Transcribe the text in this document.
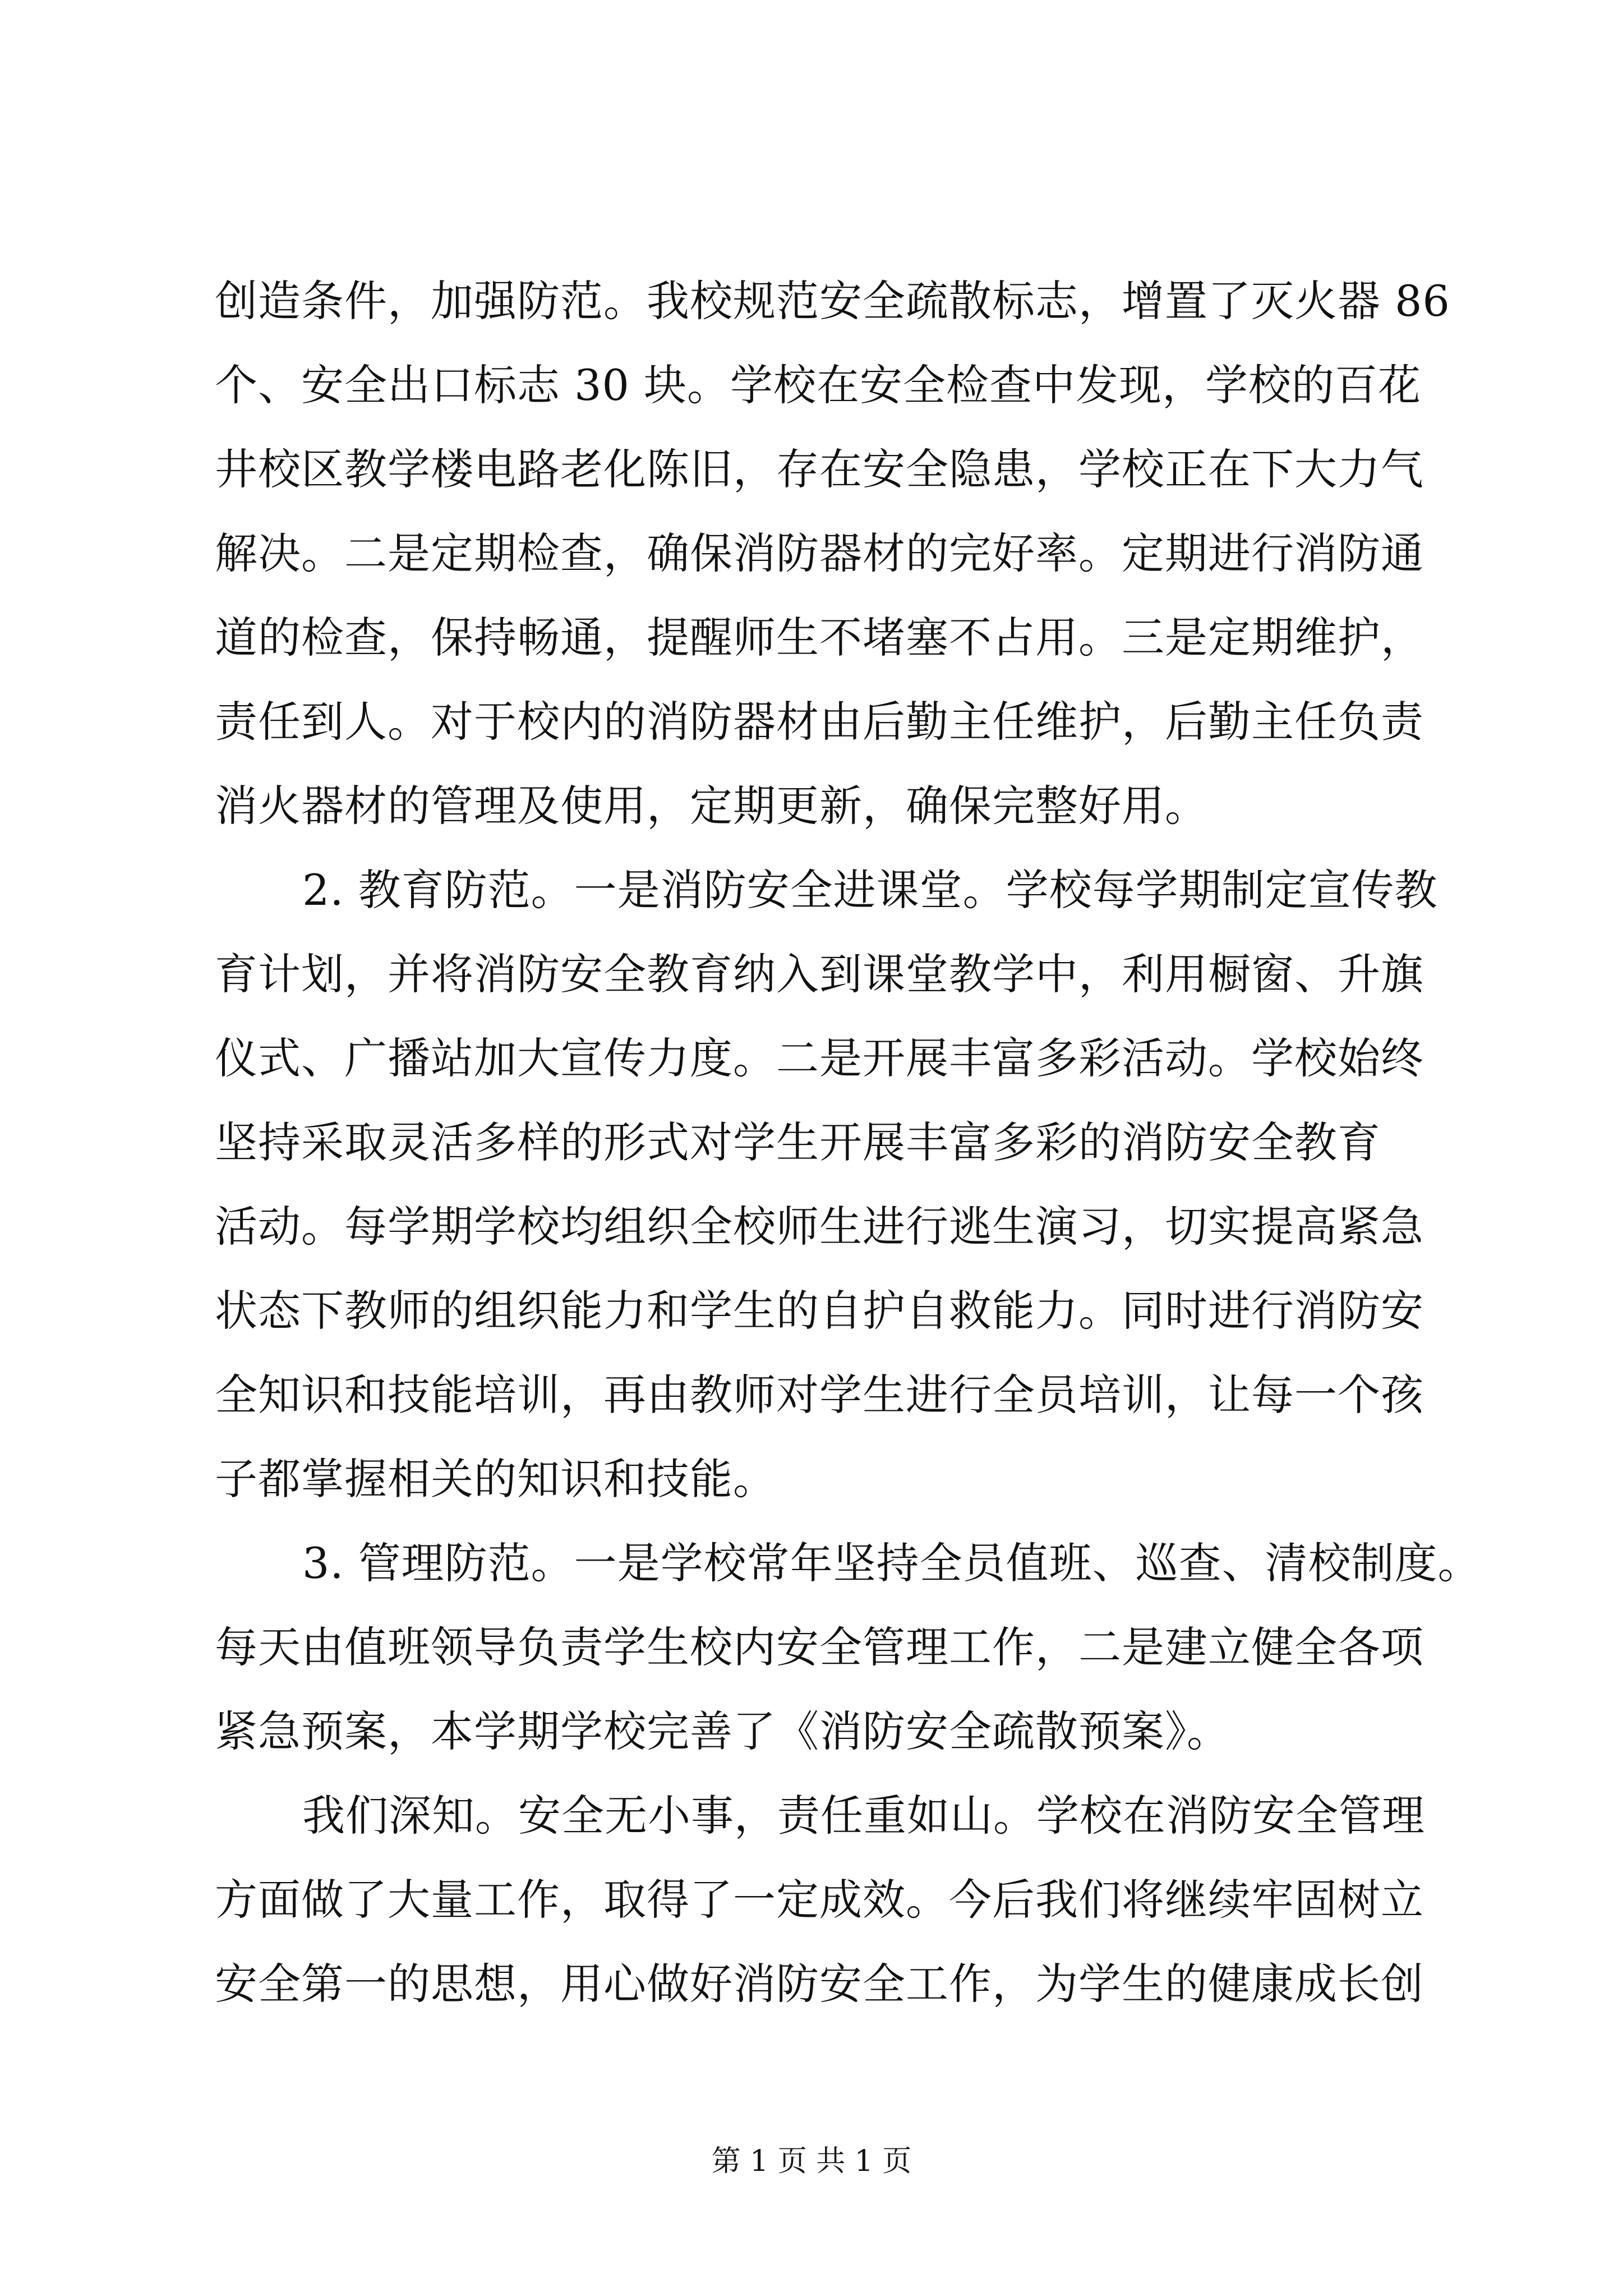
创造条件，加强防范。我校规范安全疏散标志，增置了灭火器 86
个、安全出口标志 30 块。学校在安全检查中发现，学校的百花
井校区教学楼电路老化陈旧，存在安全隐患，学校正在下大力气
解决。二是定期检查，确保消防器材的完好率。定期进行消防通
道的检查，保持畅通，提醒师生不堵塞不占用。三是定期维护，
责任到人。对于校内的消防器材由后勤主任维护，后勤主任负责
消火器材的管理及使用，定期更新，确保完整好用。
2. 教育防范。一是消防安全进课堂。学校每学期制定宣传教
育计划，并将消防安全教育纳入到课堂教学中，利用橱窗、升旗
仪式、广播站加大宣传力度。二是开展丰富多彩活动。学校始终
坚持采取灵活多样的形式对学生开展丰富多彩的消防安全教育
活动。每学期学校均组织全校师生进行逃生演习，切实提高紧急
状态下教师的组织能力和学生的自护自救能力。同时进行消防安
全知识和技能培训，再由教师对学生进行全员培训，让每一个孩
子都掌握相关的知识和技能。
3. 管理防范。一是学校常年坚持全员值班、巡查、清校制度。
每天由值班领导负责学生校内安全管理工作，二是建立健全各项
紧急预案，本学期学校完善了《消防安全疏散预案》。
我们深知。安全无小事，责任重如山。学校在消防安全管理
方面做了大量工作，取得了一定成效。今后我们将继续牢固树立
安全第一的思想，用心做好消防安全工作，为学生的健康成长创
第 1 页 共 1 页
